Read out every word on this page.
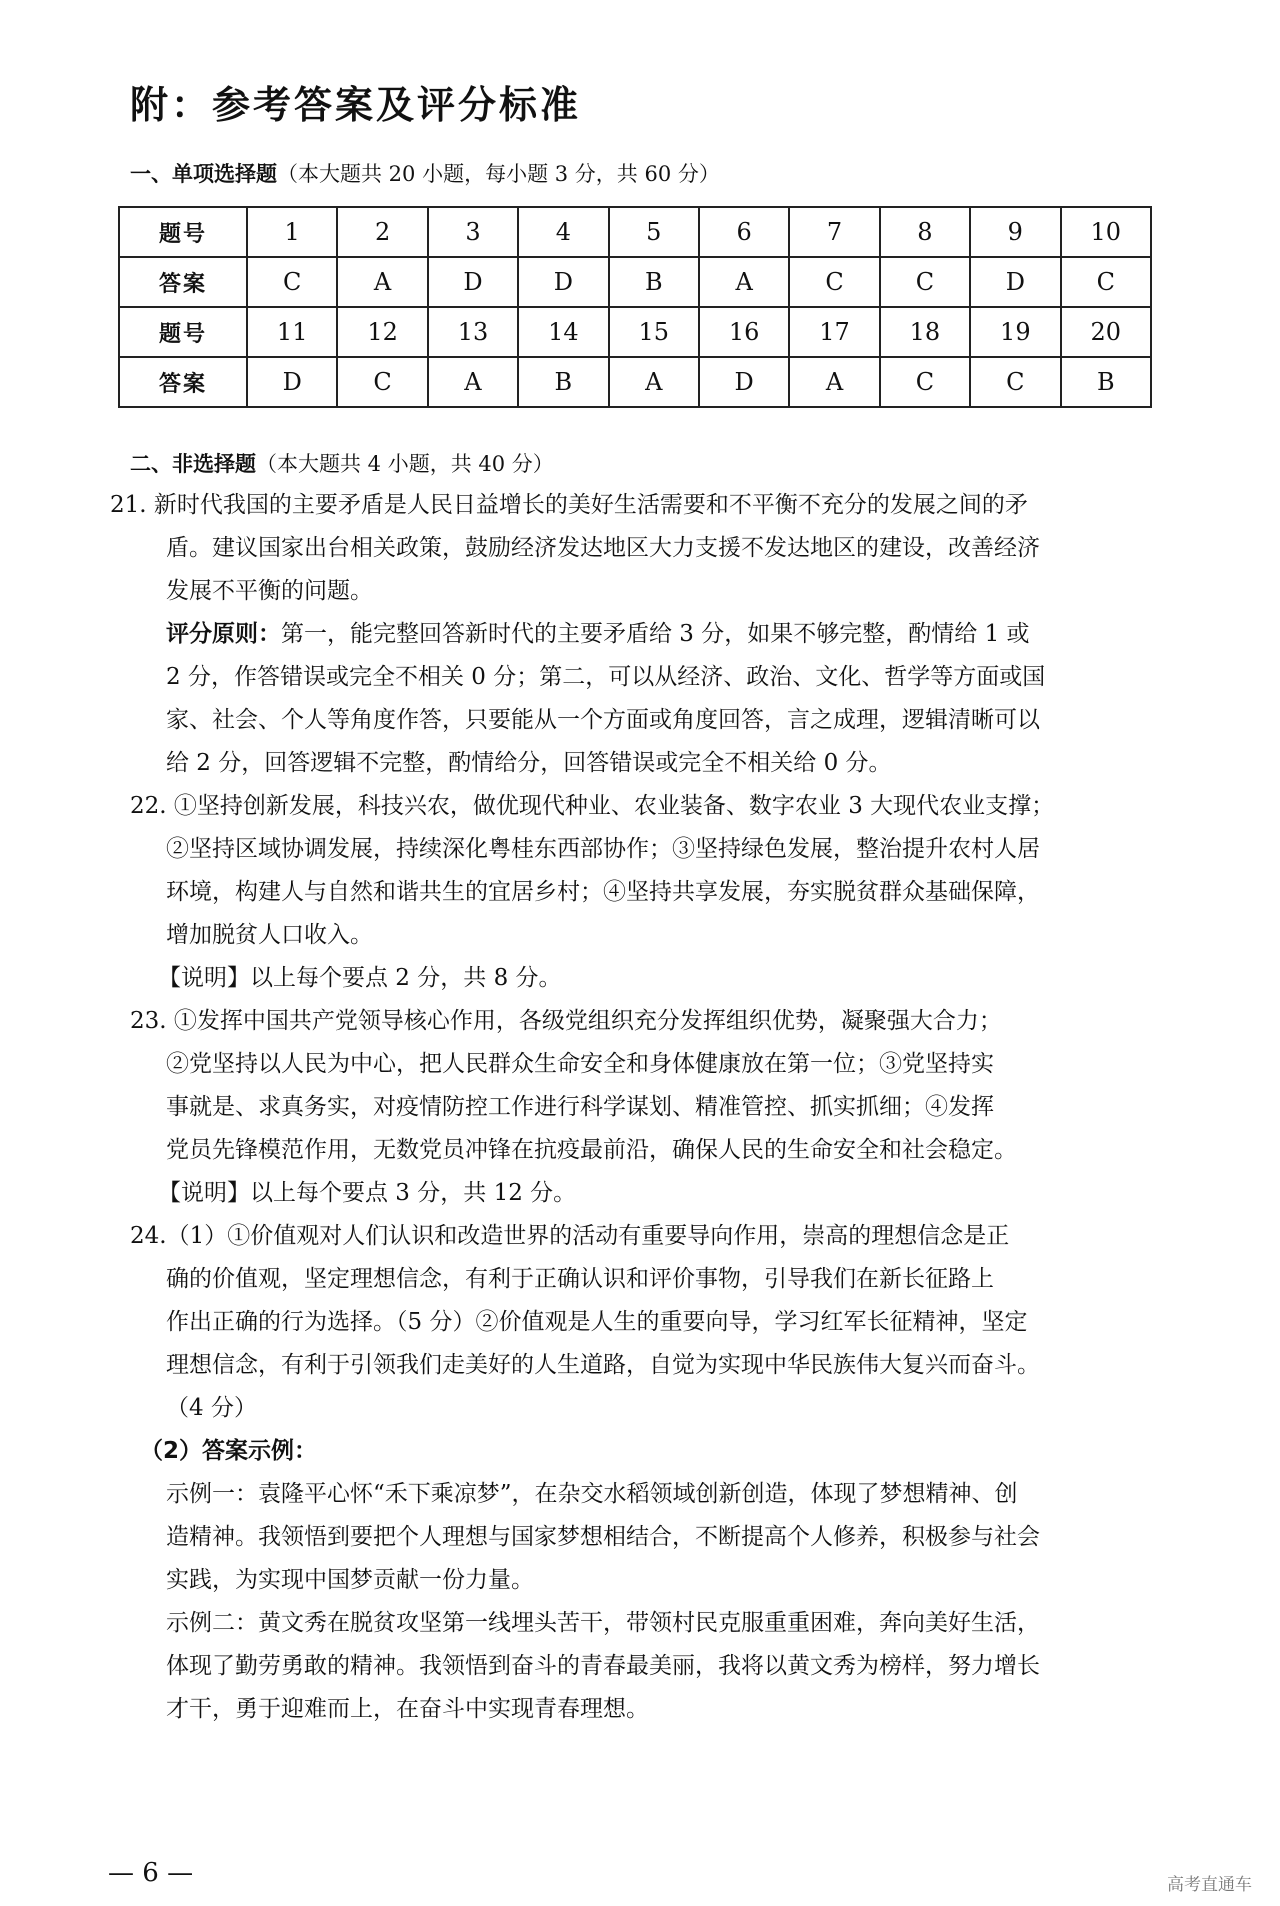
附：参考答案及评分标准

一、单项选择题（本大题共 20 小题，每小题 3 分，共 60 分）

题号	1	2	3	4	5	6	7	8	9	10
答案	C	A	D	D	B	A	C	C	D	C
题号	11	12	13	14	15	16	17	18	19	20
答案	D	C	A	B	A	D	A	C	C	B

二、非选择题（本大题共 4 小题，共 40 分）

21. 新时代我国的主要矛盾是人民日益增长的美好生活需要和不平衡不充分的发展之间的矛

盾。建议国家出台相关政策，鼓励经济发达地区大力支援不发达地区的建设，改善经济

发展不平衡的问题。

评分原则：第一，能完整回答新时代的主要矛盾给 3 分，如果不够完整，酌情给 1 或

2 分，作答错误或完全不相关 0 分；第二，可以从经济、政治、文化、哲学等方面或国

家、社会、个人等角度作答，只要能从一个方面或角度回答，言之成理，逻辑清晰可以

给 2 分，回答逻辑不完整，酌情给分，回答错误或完全不相关给 0 分。

22. ①坚持创新发展，科技兴农，做优现代种业、农业装备、数字农业 3 大现代农业支撑；

②坚持区域协调发展，持续深化粤桂东西部协作；③坚持绿色发展，整治提升农村人居

环境，构建人与自然和谐共生的宜居乡村；④坚持共享发展，夯实脱贫群众基础保障，

增加脱贫人口收入。

【说明】以上每个要点 2 分，共 8 分。

23. ①发挥中国共产党领导核心作用，各级党组织充分发挥组织优势，凝聚强大合力；

②党坚持以人民为中心，把人民群众生命安全和身体健康放在第一位；③党坚持实

事就是、求真务实，对疫情防控工作进行科学谋划、精准管控、抓实抓细；④发挥

党员先锋模范作用，无数党员冲锋在抗疫最前沿，确保人民的生命安全和社会稳定。

【说明】以上每个要点 3 分，共 12 分。

24.（1）①价值观对人们认识和改造世界的活动有重要导向作用，崇高的理想信念是正

确的价值观，坚定理想信念，有利于正确认识和评价事物，引导我们在新长征路上

作出正确的行为选择。（5 分）②价值观是人生的重要向导，学习红军长征精神，坚定

理想信念，有利于引领我们走美好的人生道路，自觉为实现中华民族伟大复兴而奋斗。

（4 分）

（2）答案示例：

示例一：袁隆平心怀“禾下乘凉梦”，在杂交水稻领域创新创造，体现了梦想精神、创

造精神。我领悟到要把个人理想与国家梦想相结合，不断提高个人修养，积极参与社会

实践，为实现中国梦贡献一份力量。

示例二：黄文秀在脱贫攻坚第一线埋头苦干，带领村民克服重重困难，奔向美好生活，

体现了勤劳勇敢的精神。我领悟到奋斗的青春最美丽，我将以黄文秀为榜样，努力增长

才干，勇于迎难而上，在奋斗中实现青春理想。

— 6 —	高考直通车
